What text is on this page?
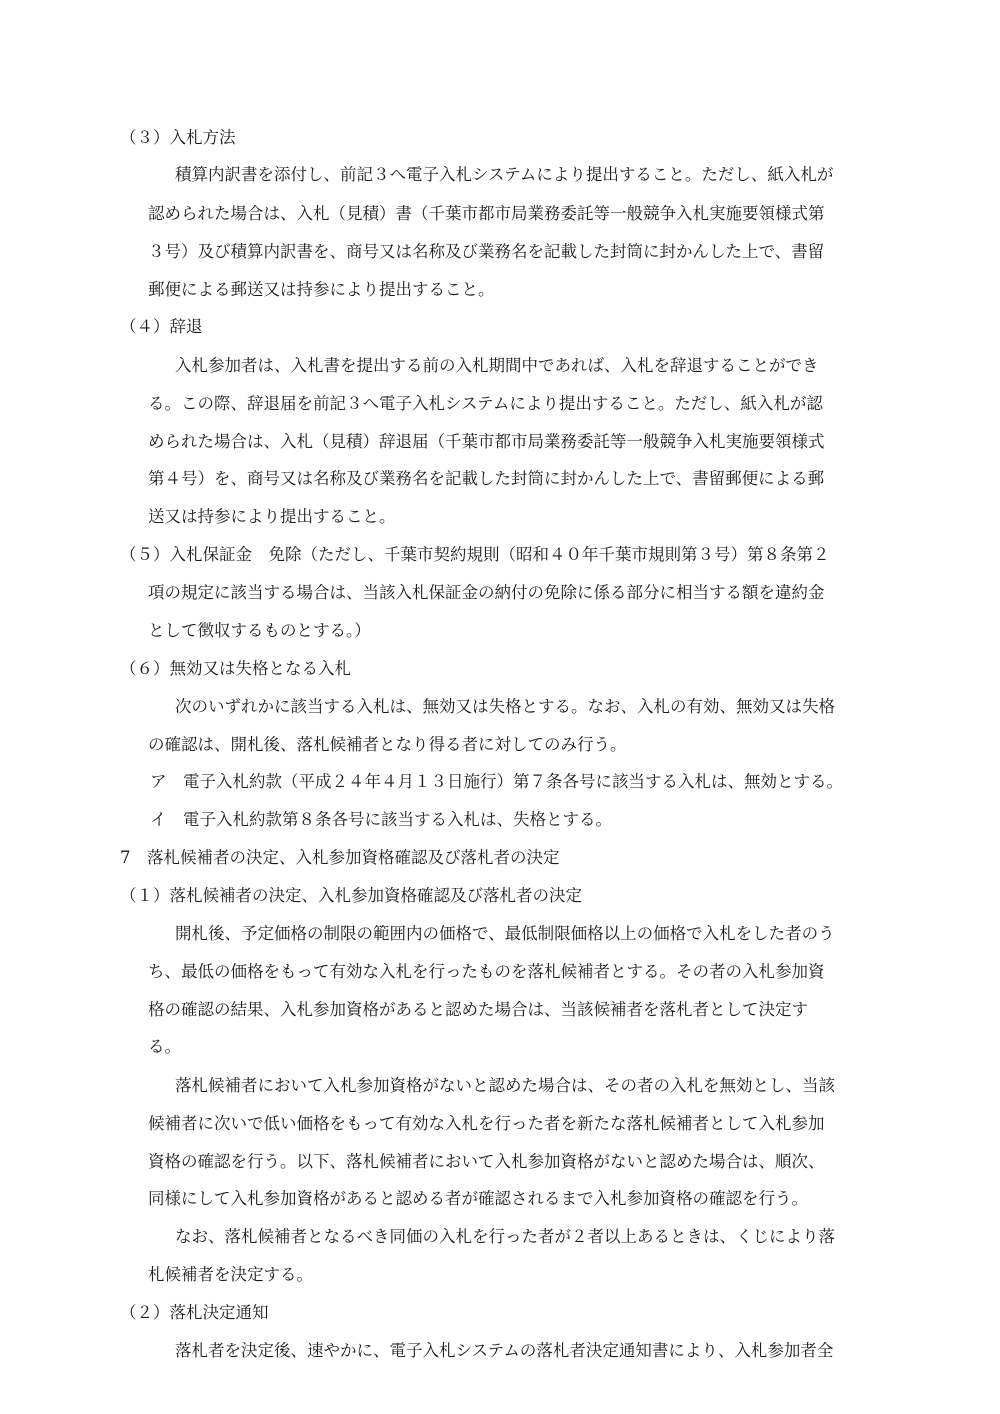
（３）入札方法
積算内訳書を添付し、前記３へ電子入札システムにより提出すること。ただし、紙入札が
認められた場合は、入札（見積）書（千葉市都市局業務委託等一般競争入札実施要領様式第
３号）及び積算内訳書を、商号又は名称及び業務名を記載した封筒に封かんした上で、書留
郵便による郵送又は持参により提出すること。
（４）辞退
入札参加者は、入札書を提出する前の入札期間中であれば、入札を辞退することができ
る。この際、辞退届を前記３へ電子入札システムにより提出すること。ただし、紙入札が認
められた場合は、入札（見積）辞退届（千葉市都市局業務委託等一般競争入札実施要領様式
第４号）を、商号又は名称及び業務名を記載した封筒に封かんした上で、書留郵便による郵
送又は持参により提出すること。
（５）入札保証金　免除（ただし、千葉市契約規則（昭和４０年千葉市規則第３号）第８条第２
項の規定に該当する場合は、当該入札保証金の納付の免除に係る部分に相当する額を違約金
として徴収するものとする。）
（６）無効又は失格となる入札
次のいずれかに該当する入札は、無効又は失格とする。なお、入札の有効、無効又は失格
の確認は、開札後、落札候補者となり得る者に対してのみ行う。
ア　電子入札約款（平成２４年４月１３日施行）第７条各号に該当する入札は、無効とする。
イ　電子入札約款第８条各号に該当する入札は、失格とする。
7　落札候補者の決定、入札参加資格確認及び落札者の決定
（１）落札候補者の決定、入札参加資格確認及び落札者の決定
開札後、予定価格の制限の範囲内の価格で、最低制限価格以上の価格で入札をした者のう
ち、最低の価格をもって有効な入札を行ったものを落札候補者とする。その者の入札参加資
格の確認の結果、入札参加資格があると認めた場合は、当該候補者を落札者として決定す
る。
落札候補者において入札参加資格がないと認めた場合は、その者の入札を無効とし、当該
候補者に次いで低い価格をもって有効な入札を行った者を新たな落札候補者として入札参加
資格の確認を行う。以下、落札候補者において入札参加資格がないと認めた場合は、順次、
同様にして入札参加資格があると認める者が確認されるまで入札参加資格の確認を行う。
なお、落札候補者となるべき同価の入札を行った者が２者以上あるときは、くじにより落
札候補者を決定する。
（２）落札決定通知
落札者を決定後、速やかに、電子入札システムの落札者決定通知書により、入札参加者全
